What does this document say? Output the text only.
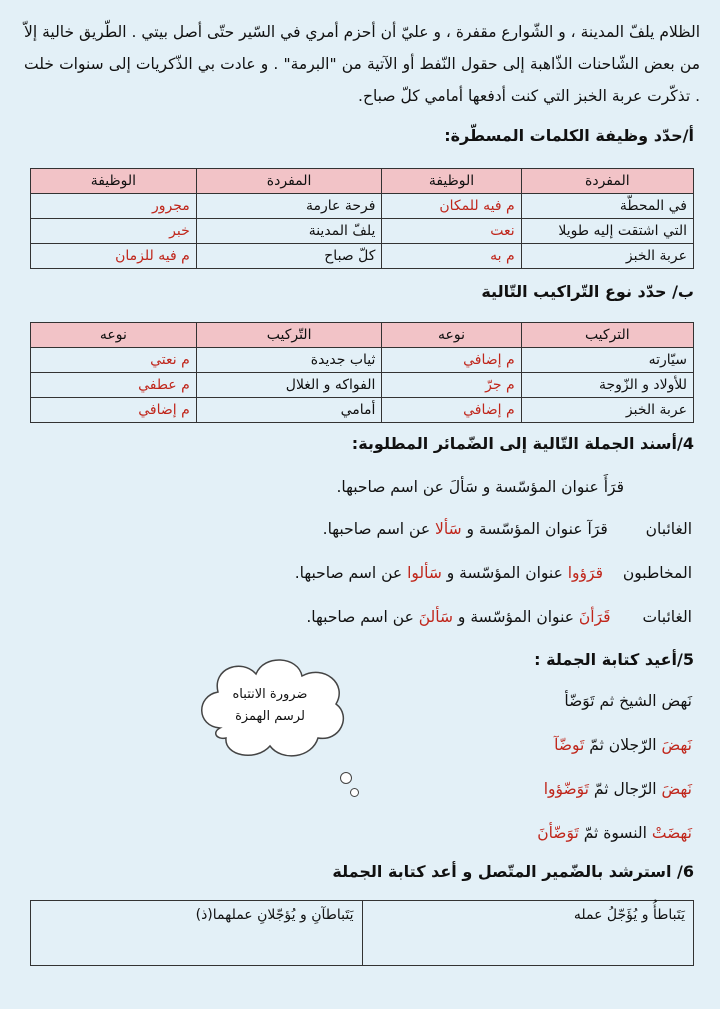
الظلام يلفّ المدينة ، و الشّوارع مقفرة ، و عليّ أن أحزم أمري في السّير حتّى أصل بيتي . الطّريق خالية إلاّ من بعض الشّاحنات الذّاهبة إلى حقول النّفط أو الآتية من "البرمة" . و عادت بي الذّكريات إلى سنوات خلت . تذكّرت عربة الخبز التي كنت أدفعها أمامي كلّ صباح.
أ/حدّد وظيفة الكلمات المسطّرة:
المفردة	الوظيفة	المفردة	الوظيفة
في المحطّة	م فيه للمكان	فرحة عارمة	مجرور
التي اشتقت إليه طويلا	نعت	يلفّ المدينة	خبر
عربة الخبز	م به	كلّ صباح	م فيه للزمان
ب/ حدّد نوع التّراكيب التّالية
التركيب	نوعه	التّركيب	نوعه
سيّارته	م إضافي	ثياب جديدة	م نعتي
للأولاد و الزّوجة	م جرّ	الفواكه و الغلال	م عطفي
عربة الخبز	م إضافي	أمامي	م إضافي
4/أسند الجملة التّالية إلى الضّمائر المطلوبة:
قرَأَ عنوان المؤسّسة و سَألَ عن اسم صاحبها.
الغائبان  قرَآ عنوان المؤسّسة و سَألا عن اسم صاحبها.
المخاطبون  قرَؤوا عنوان المؤسّسة و سَألوا عن اسم صاحبها.
الغائبات  قَرَأنَ عنوان المؤسّسة و سَألنَ عن اسم صاحبها.
5/أعيد كتابة الجملة :
نَهض الشيخ ثم تَوَضّأ
نَهضَ الرّجلان ثمّ تَوضّآ
نَهضَ الرّجال ثمّ تَوَضّؤوا
نَهضَتْ النسوة ثمّ تَوَضّأنَ
ضرورة الانتباه
لرسم الهمزة
6/ استرشد بالضّمير المتّصل و أعد كتابة الجملة
يَتَباطأُ و يُؤَجّلُ عمله	يَتَباطآنِ و يُؤجّلانِ عملهما(ذ)
